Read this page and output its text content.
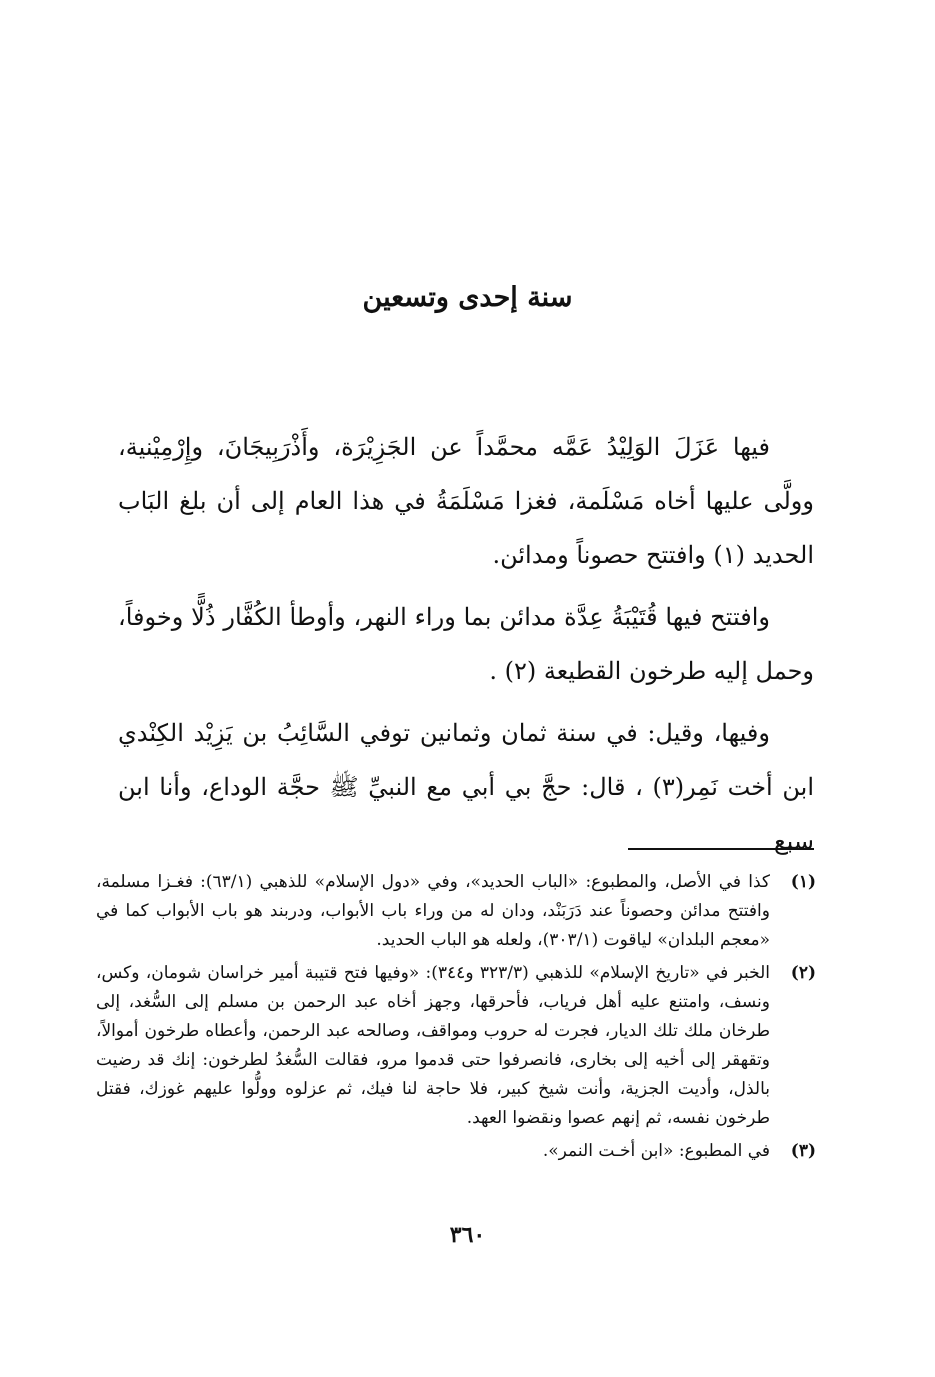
سنة إحدى وتسعين

فيها عَزَلَ الوَلِيْدُ عَمَّه محمَّداً عن الجَزِيْرَة، وأَذْرَبِيجَانَ، وإِرْمِيْنية، وولَّى عليها أخاه مَسْلَمة، فغزا مَسْلَمَةُ في هذا العام إلى أن بلغ البَاب الحديد (١) وافتتح حصوناً ومدائن.

وافتتح فيها قُتَيْبَةُ عِدَّة مدائن بما وراء النهر، وأوطأ الكُفَّار ذُلًّا وخوفاً، وحمل إليه طرخون القطيعة (٢) .

وفيها، وقيل: في سنة ثمان وثمانين توفي السَّائِبُ بن يَزِيْد الكِنْدي ابن أخت نَمِر(٣) ، قال: حجَّ بي أبي مع النبيِّ ﷺ حجَّة الوداع، وأنا ابن سبع

(١)
كذا في الأصل، والمطبوع: «الباب الحديد»، وفي «دول الإسلام» للذهبي (٦٣/١): فغـزا مسلمة، وافتتح مدائن وحصوناً عند دَرَبَنْد، ودان له من وراء باب الأبواب، ودربند هو باب الأبواب كما في «معجم البلدان» لياقوت (٣٠٣/١)، ولعله هو الباب الحديد.
(٢)
الخبر في «تاريخ الإسلام» للذهبي (٣٢٣/٣ و٣٤٤): «وفيها فتح قتيبة أمير خراسان شومان، وكس، ونسف، وامتنع عليه أهل فرياب، فأحرقها، وجهز أخاه عبد الرحمن بن مسلم إلى السُّغد، إلى طرخان ملك تلك الديار، فجرت له حروب ومواقف، وصالحه عبد الرحمن، وأعطاه طرخون أموالاً، وتقهقر إلى أخيه إلى بخارى، فانصرفوا حتى قدموا مرو، فقالت السُّغدُ لطرخون: إنك قد رضيت بالذل، وأديت الجزية، وأنت شيخ كبير، فلا حاجة لنا فيك، ثم عزلوه وولُّوا عليهم غوزك، فقتل طرخون نفسه، ثم إنهم عصوا ونقضوا العهد.
(٣)
في المطبوع: «ابن أخـت النمر».
٣٦٠
